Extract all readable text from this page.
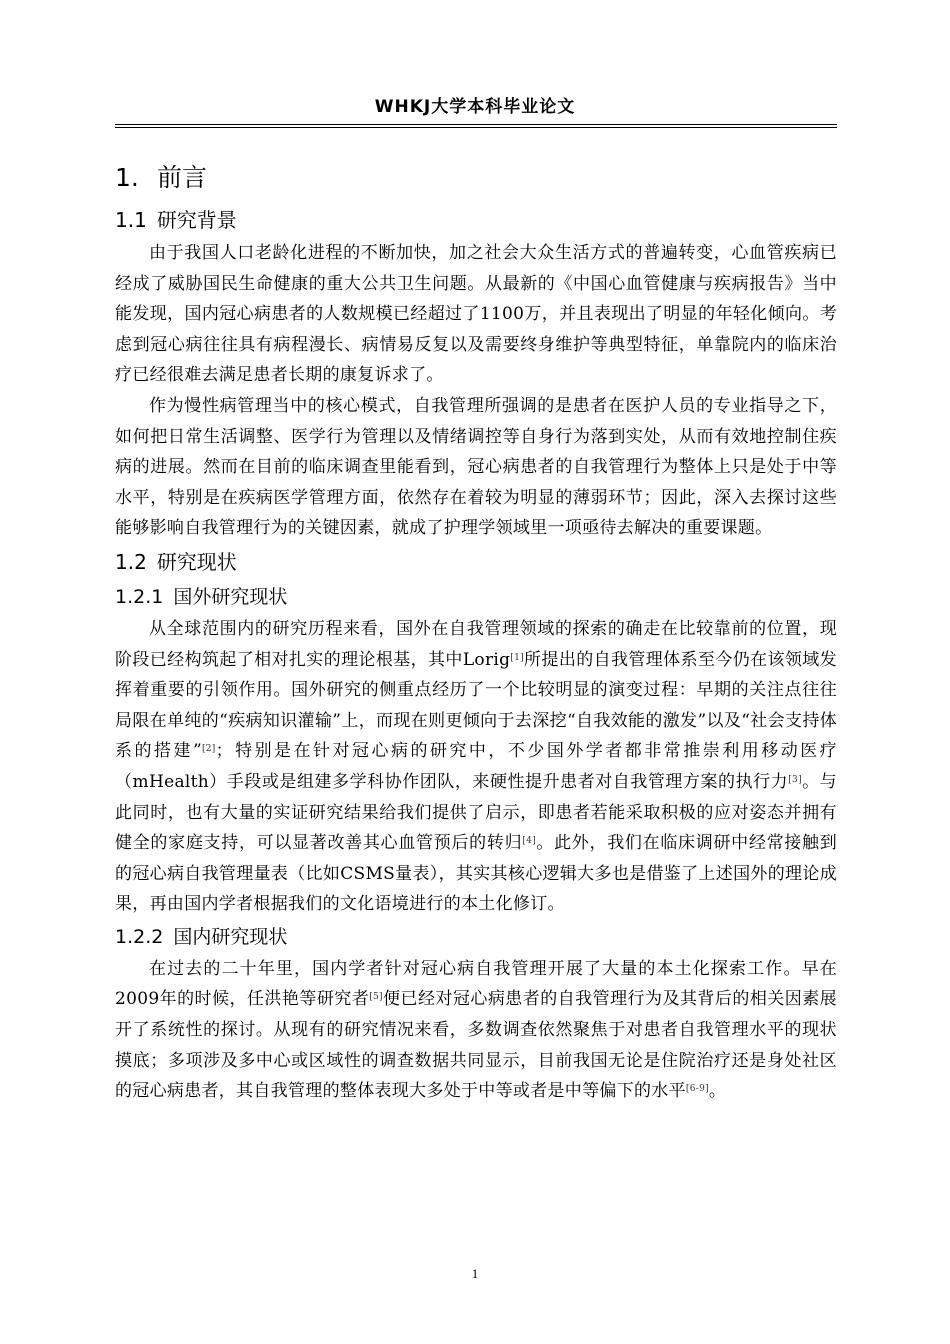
WHKJ大学本科毕业论文
1. 前言
1.1 研究背景

由于我国人口老龄化进程的不断加快，加之社会大众生活方式的普遍转变，心血管疾病已经成了威胁国民生命健康的重大公共卫生问题。从最新的《中国心血管健康与疾病报告》当中能发现，国内冠心病患者的人数规模已经超过了1100万，并且表现出了明显的年轻化倾向。考虑到冠心病往往具有病程漫长、病情易反复以及需要终身维护等典型特征，单靠院内的临床治疗已经很难去满足患者长期的康复诉求了。

作为慢性病管理当中的核心模式，自我管理所强调的是患者在医护人员的专业指导之下，如何把日常生活调整、医学行为管理以及情绪调控等自身行为落到实处，从而有效地控制住疾病的进展。然而在目前的临床调查里能看到，冠心病患者的自我管理行为整体上只是处于中等水平，特别是在疾病医学管理方面，依然存在着较为明显的薄弱环节；因此，深入去探讨这些能够影响自我管理行为的关键因素，就成了护理学领域里一项亟待去解决的重要课题。

1.2 研究现状
1.2.1 国外研究现状

从全球范围内的研究历程来看，国外在自我管理领域的探索的确走在比较靠前的位置，现阶段已经构筑起了相对扎实的理论根基，其中Lorig[1]所提出的自我管理体系至今仍在该领域发挥着重要的引领作用。国外研究的侧重点经历了一个比较明显的演变过程：早期的关注点往往局限在单纯的“疾病知识灌输”上，而现在则更倾向于去深挖“自我效能的激发”以及“社会支持体系的搭建”[2]；特别是在针对冠心病的研究中，不少国外学者都非常推崇利用移动医疗（mHealth）手段或是组建多学科协作团队，来硬性提升患者对自我管理方案的执行力[3]。与此同时，也有大量的实证研究结果给我们提供了启示，即患者若能采取积极的应对姿态并拥有健全的家庭支持，可以显著改善其心血管预后的转归[4]。此外，我们在临床调研中经常接触到的冠心病自我管理量表（比如CSMS量表），其实其核心逻辑大多也是借鉴了上述国外的理论成果，再由国内学者根据我们的文化语境进行的本土化修订。

1.2.2 国内研究现状

在过去的二十年里，国内学者针对冠心病自我管理开展了大量的本土化探索工作。早在2009年的时候，任洪艳等研究者[5]便已经对冠心病患者的自我管理行为及其背后的相关因素展开了系统性的探讨。从现有的研究情况来看，多数调查依然聚焦于对患者自我管理水平的现状摸底；多项涉及多中心或区域性的调查数据共同显示，目前我国无论是住院治疗还是身处社区的冠心病患者，其自我管理的整体表现大多处于中等或者是中等偏下的水平[6-9]。

1
